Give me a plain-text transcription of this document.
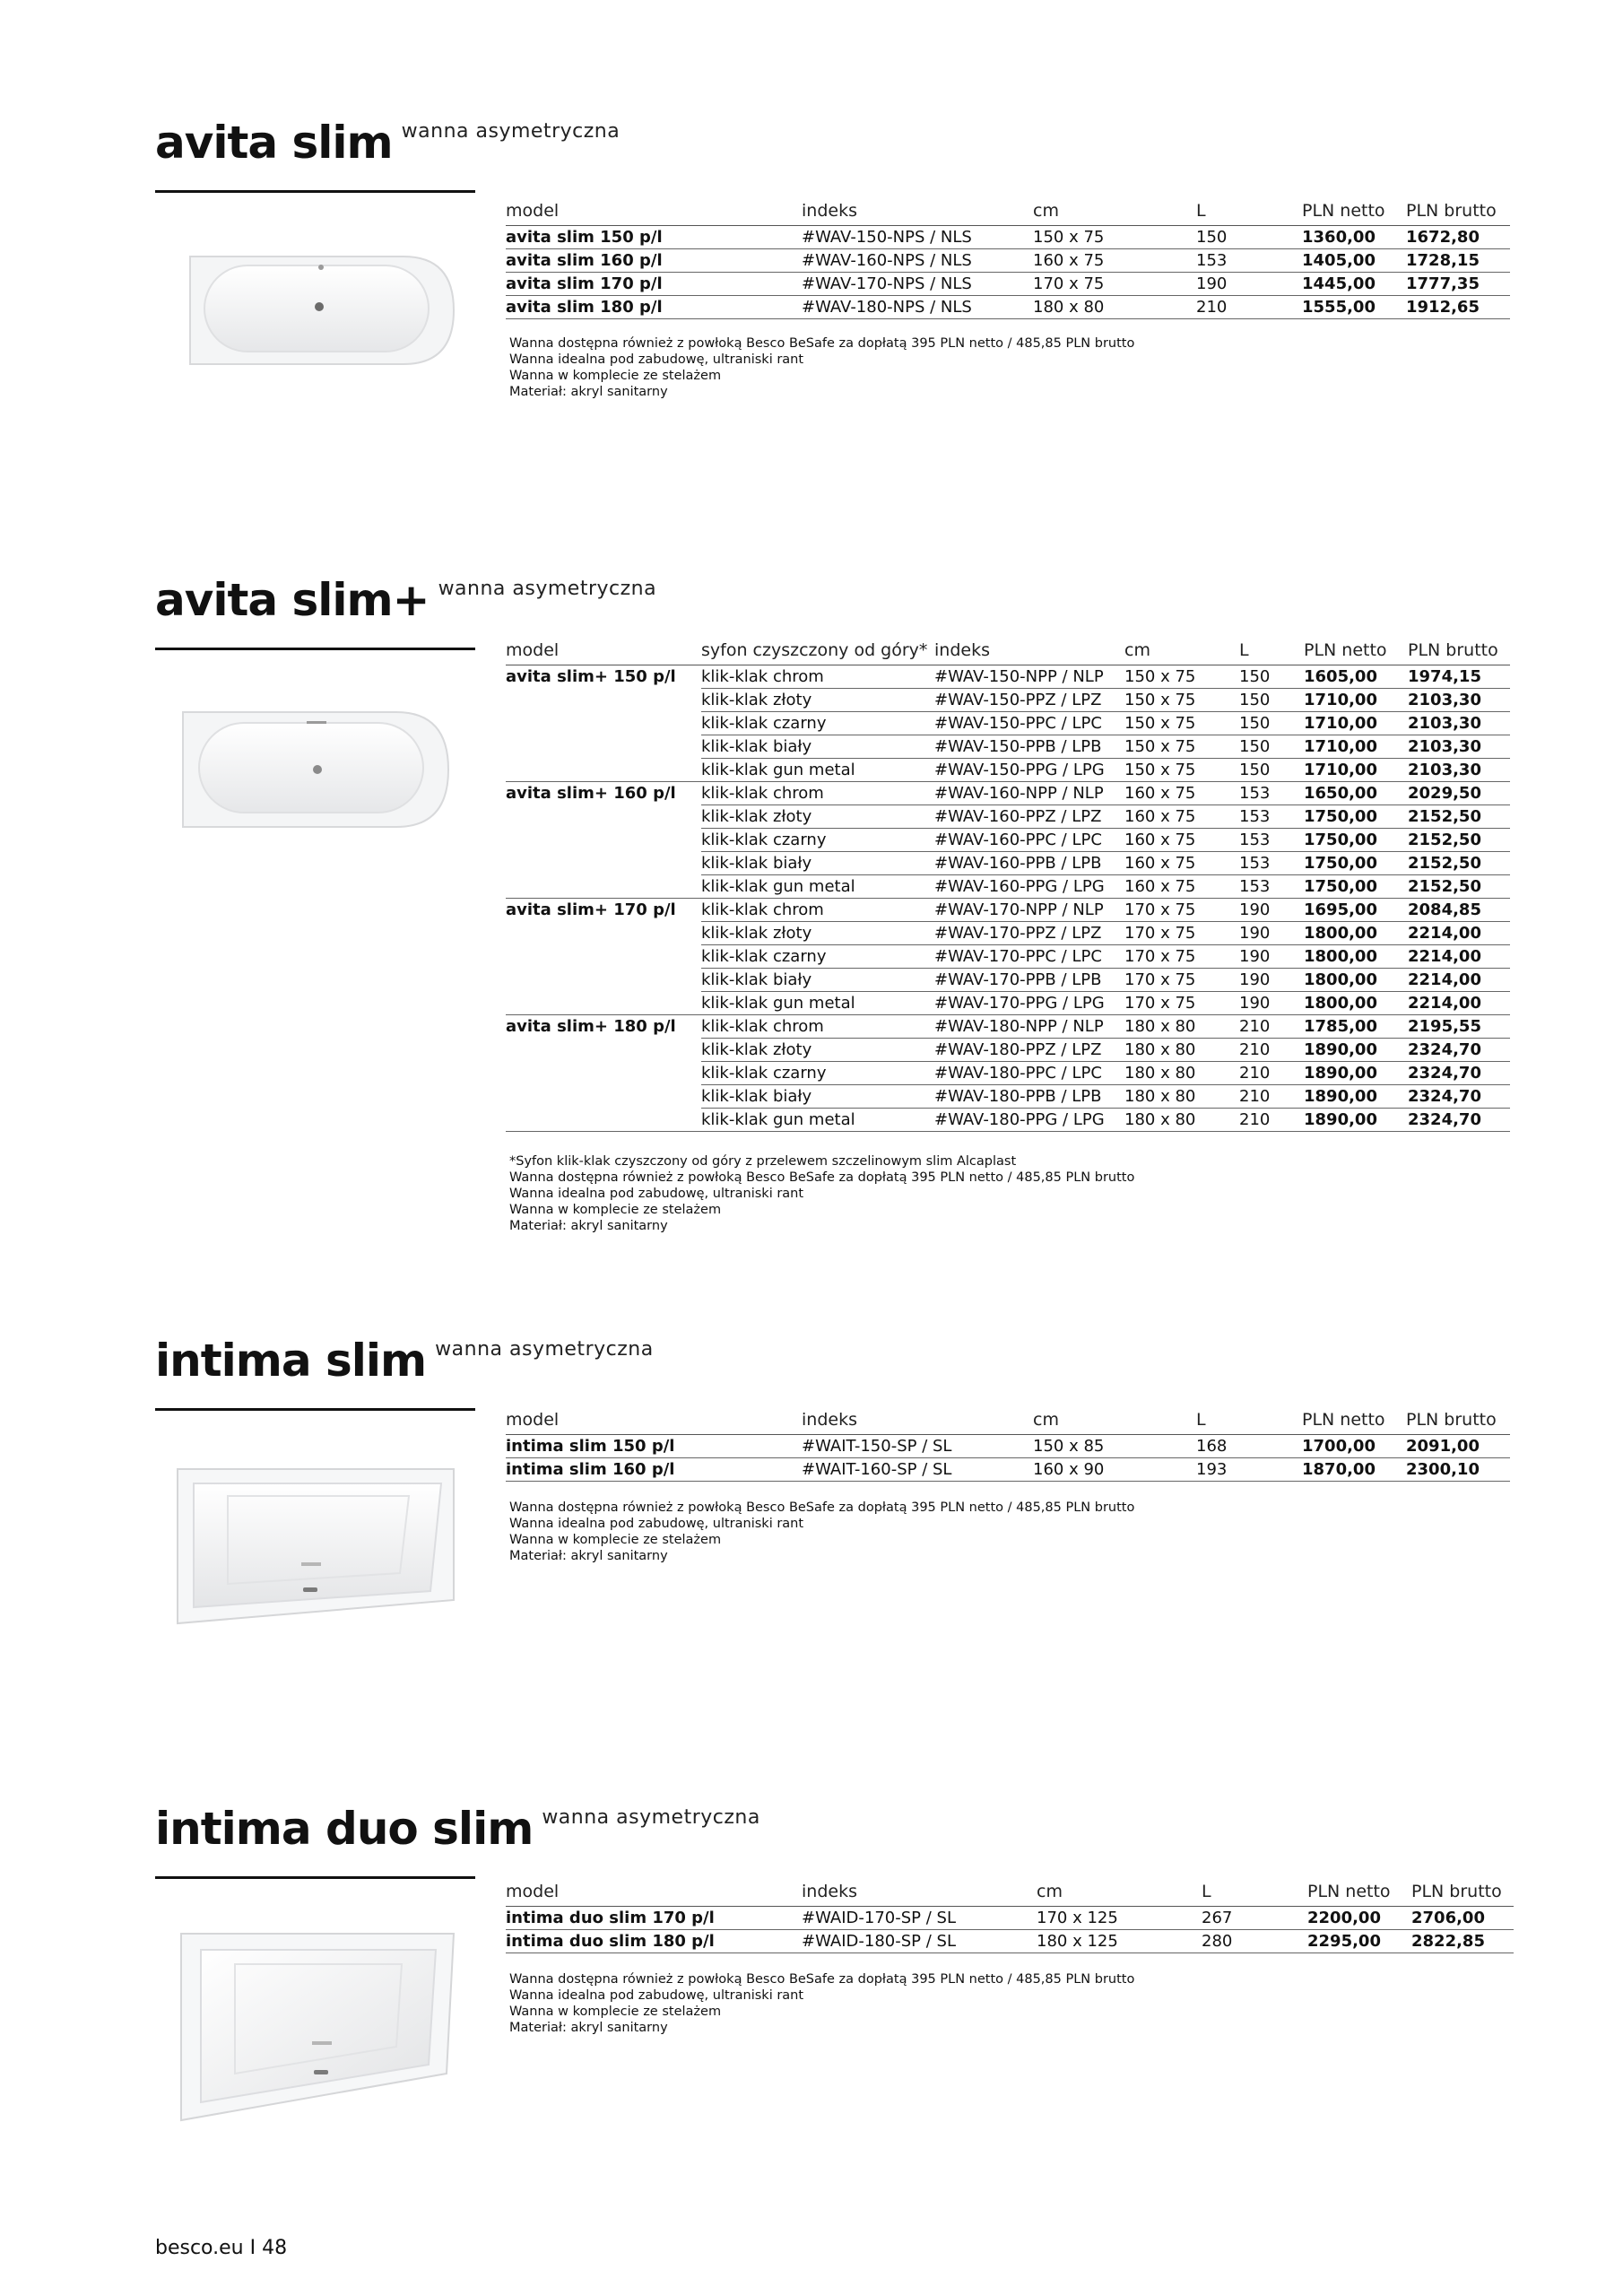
avita slim $^{wanna asymetryczna}$
model	indeks	cm	L	PLN netto	PLN brutto
avita slim 150 p/l	#WAV-150-NPS / NLS	150 x 75	150	1360,00	1672,80
avita slim 160 p/l	#WAV-160-NPS / NLS	160 x 75	153	1405,00	1728,15
avita slim 170 p/l	#WAV-170-NPS / NLS	170 x 75	190	1445,00	1777,35
avita slim 180 p/l	#WAV-180-NPS / NLS	180 x 80	210	1555,00	1912,65
Wanna dostępna również z powłoką Besco BeSafe za dopłatą 395 PLN netto / 485,85 PLN brutto
Wanna idealna pod zabudowę, ultraniski rant
Wanna w komplecie ze stelażem
Materiał: akryl sanitarny
avita slim+ $^{wanna asymetryczna}$
model	syfon czyszczony od góry*	indeks	cm	L	PLN netto	PLN brutto
avita slim+ 150 p/l	klik-klak chrom	#WAV-150-NPP / NLP	150 x 75	150	1605,00	1974,15
	klik-klak złoty	#WAV-150-PPZ / LPZ	150 x 75	150	1710,00	2103,30
	klik-klak czarny	#WAV-150-PPC / LPC	150 x 75	150	1710,00	2103,30
	klik-klak biały	#WAV-150-PPB / LPB	150 x 75	150	1710,00	2103,30
	klik-klak gun metal	#WAV-150-PPG / LPG	150 x 75	150	1710,00	2103,30
avita slim+ 160 p/l	klik-klak chrom	#WAV-160-NPP / NLP	160 x 75	153	1650,00	2029,50
	klik-klak złoty	#WAV-160-PPZ / LPZ	160 x 75	153	1750,00	2152,50
	klik-klak czarny	#WAV-160-PPC / LPC	160 x 75	153	1750,00	2152,50
	klik-klak biały	#WAV-160-PPB / LPB	160 x 75	153	1750,00	2152,50
	klik-klak gun metal	#WAV-160-PPG / LPG	160 x 75	153	1750,00	2152,50
avita slim+ 170 p/l	klik-klak chrom	#WAV-170-NPP / NLP	170 x 75	190	1695,00	2084,85
	klik-klak złoty	#WAV-170-PPZ / LPZ	170 x 75	190	1800,00	2214,00
	klik-klak czarny	#WAV-170-PPC / LPC	170 x 75	190	1800,00	2214,00
	klik-klak biały	#WAV-170-PPB / LPB	170 x 75	190	1800,00	2214,00
	klik-klak gun metal	#WAV-170-PPG / LPG	170 x 75	190	1800,00	2214,00
avita slim+ 180 p/l	klik-klak chrom	#WAV-180-NPP / NLP	180 x 80	210	1785,00	2195,55
	klik-klak złoty	#WAV-180-PPZ / LPZ	180 x 80	210	1890,00	2324,70
	klik-klak czarny	#WAV-180-PPC / LPC	180 x 80	210	1890,00	2324,70
	klik-klak biały	#WAV-180-PPB / LPB	180 x 80	210	1890,00	2324,70
	klik-klak gun metal	#WAV-180-PPG / LPG	180 x 80	210	1890,00	2324,70
*Syfon klik-klak czyszczony od góry z przelewem szczelinowym slim Alcaplast
Wanna dostępna również z powłoką Besco BeSafe za dopłatą 395 PLN netto / 485,85 PLN brutto
Wanna idealna pod zabudowę, ultraniski rant
Wanna w komplecie ze stelażem
Materiał: akryl sanitarny
intima slim $^{wanna asymetryczna}$
model	indeks	cm	L	PLN netto	PLN brutto
intima slim 150 p/l	#WAIT-150-SP / SL	150 x 85	168	1700,00	2091,00
intima slim 160 p/l	#WAIT-160-SP / SL	160 x 90	193	1870,00	2300,10
Wanna dostępna również z powłoką Besco BeSafe za dopłatą 395 PLN netto / 485,85 PLN brutto
Wanna idealna pod zabudowę, ultraniski rant
Wanna w komplecie ze stelażem
Materiał: akryl sanitarny
intima duo slim $^{wanna asymetryczna}$
model	indeks	cm	L	PLN netto	PLN brutto
intima duo slim 170 p/l	#WAID-170-SP / SL	170 x 125	267	2200,00	2706,00
intima duo slim 180 p/l	#WAID-180-SP / SL	180 x 125	280	2295,00	2822,85
Wanna dostępna również z powłoką Besco BeSafe za dopłatą 395 PLN netto / 485,85 PLN brutto
Wanna idealna pod zabudowę, ultraniski rant
Wanna w komplecie ze stelażem
Materiał: akryl sanitarny
besco.eu I 48
